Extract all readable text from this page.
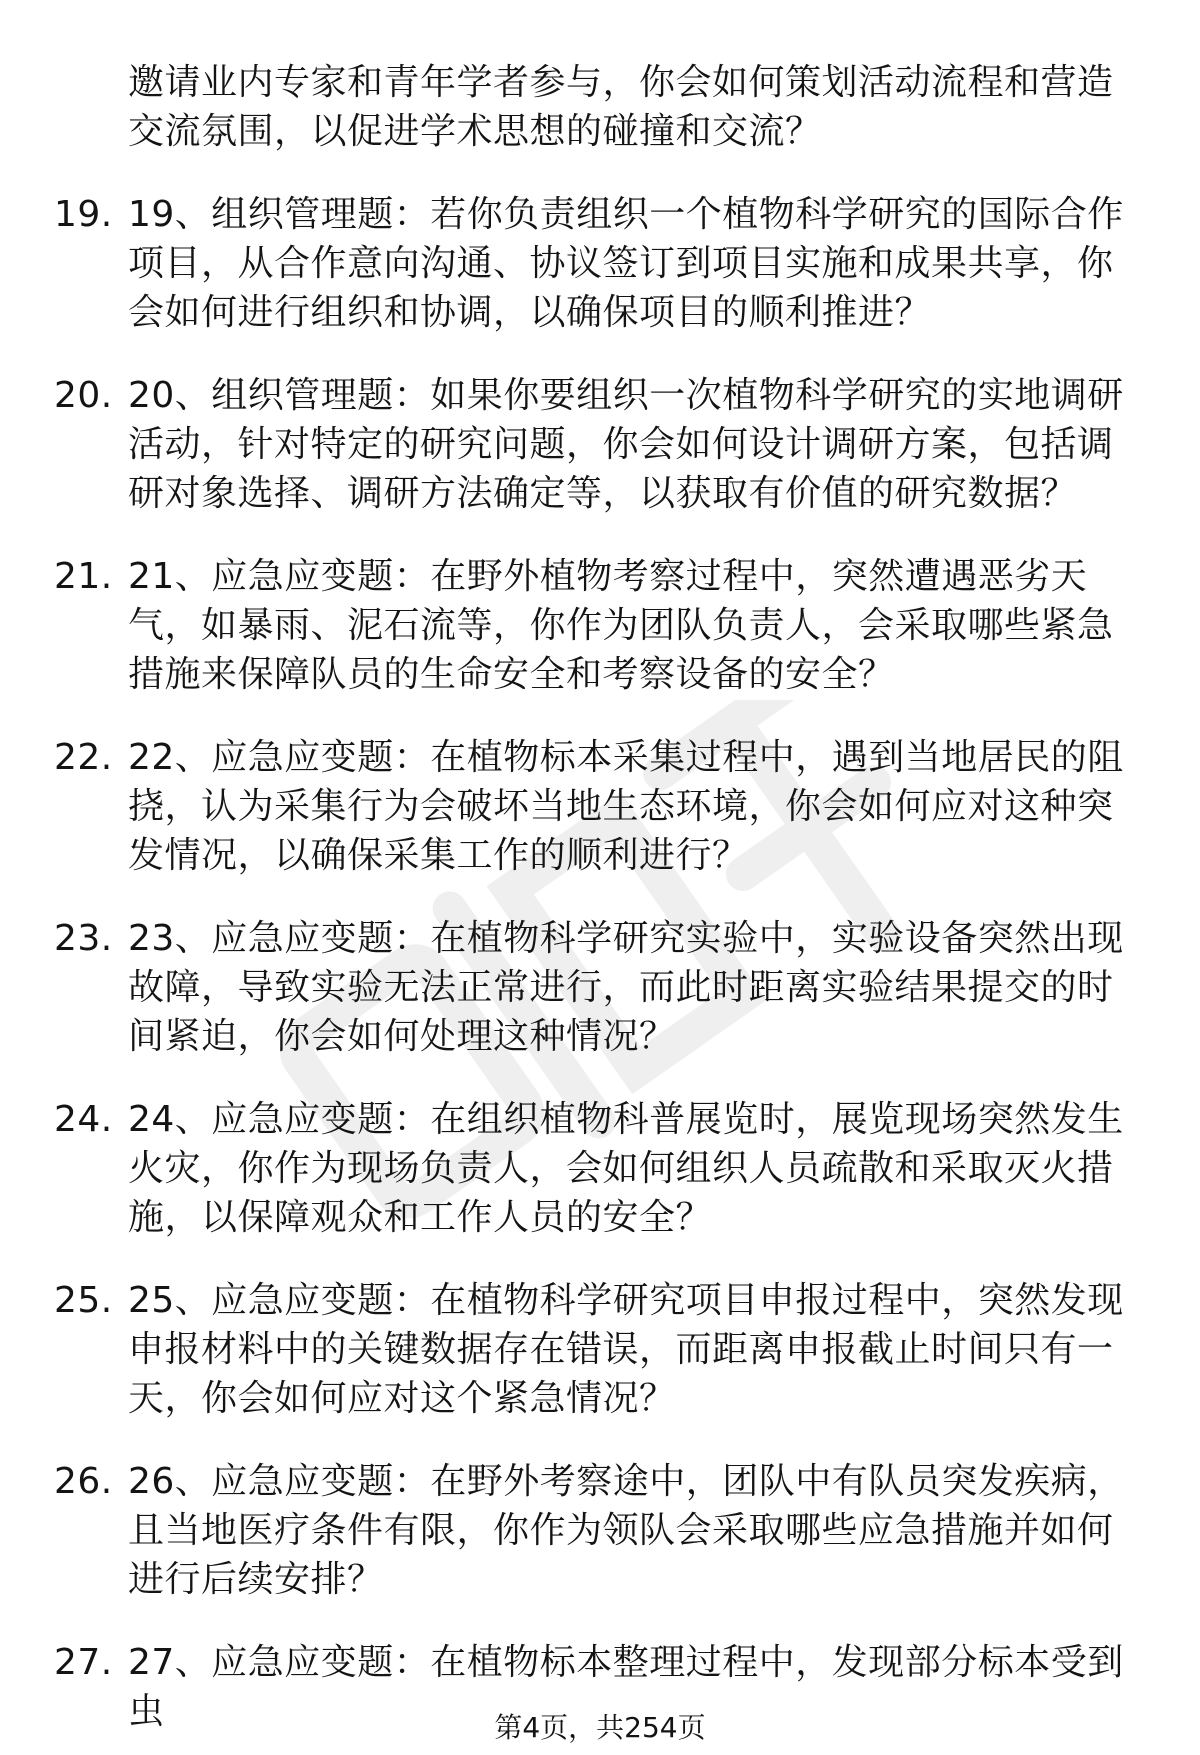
邀请业内专家和青年学者参与，你会如何策划活动流程和营造交流氛围，以促进学术思想的碰撞和交流？
19. 19、组织管理题：若你负责组织一个植物科学研究的国际合作项目，从合作意向沟通、协议签订到项目实施和成果共享，你会如何进行组织和协调，以确保项目的顺利推进？
20. 20、组织管理题：如果你要组织一次植物科学研究的实地调研活动，针对特定的研究问题，你会如何设计调研方案，包括调研对象选择、调研方法确定等，以获取有价值的研究数据？
21. 21、应急应变题：在野外植物考察过程中，突然遭遇恶劣天气，如暴雨、泥石流等，你作为团队负责人，会采取哪些紧急措施来保障队员的生命安全和考察设备的安全？
22. 22、应急应变题：在植物标本采集过程中，遇到当地居民的阻挠，认为采集行为会破坏当地生态环境，你会如何应对这种突发情况，以确保采集工作的顺利进行？
23. 23、应急应变题：在植物科学研究实验中，实验设备突然出现故障，导致实验无法正常进行，而此时距离实验结果提交的时间紧迫，你会如何处理这种情况？
24. 24、应急应变题：在组织植物科普展览时，展览现场突然发生火灾，你作为现场负责人，会如何组织人员疏散和采取灭火措施，以保障观众和工作人员的安全？
25. 25、应急应变题：在植物科学研究项目申报过程中，突然发现申报材料中的关键数据存在错误，而距离申报截止时间只有一天，你会如何应对这个紧急情况？
26. 26、应急应变题：在野外考察途中，团队中有队员突发疾病，且当地医疗条件有限，你作为领队会采取哪些应急措施并如何进行后续安排？
27. 27、应急应变题：在植物标本整理过程中，发现部分标本受到虫	第4页，共254页
